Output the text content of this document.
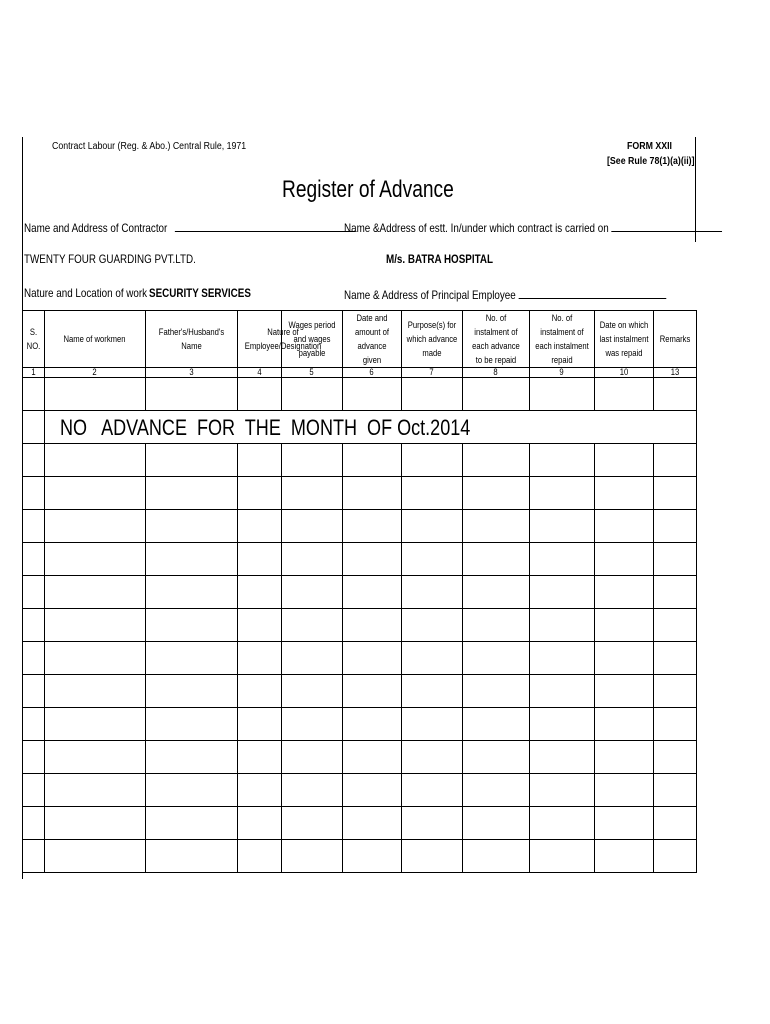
Contract Labour (Reg. & Abo.) Central Rule, 1971	FORM XXII
[See Rule 78(1)(a)(ii)]
Register of Advance
Name and Address of Contractor	Name &Address of estt. In/under which contract is carried on
TWENTY FOUR GUARDING PVT.LTD.	M/s. BATRA HOSPITAL
Nature and Location of work SECURITY SERVICES	Name & Address of Principal Employee
S. NO.	Name of workmen	Father's/Husband's Name	Nature of Employee/Designation	Wages period and wages payable	Date and amount of advance given	Purpose(s) for which advance made	No. of instalment of each advance to be repaid	No. of instalment of each instalment repaid	Date on which last instalment was repaid	Remarks
1	2	3	4	5	6	7	8	9	10	13

NO   ADVANCE  FOR  THE  MONTH  OF Oct.2014
